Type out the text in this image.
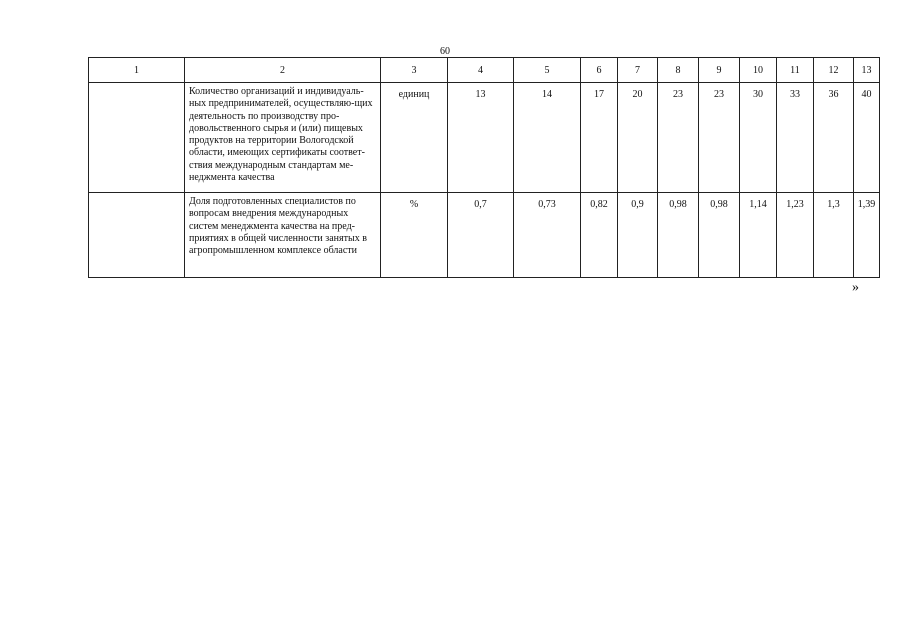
60
1	2	3	4	5	6	7	8	9	10	11	12	13
	Количество организаций и индивидуаль-ных предпринимателей, осуществляю-щих деятельность по производству про-довольственного сырья и (или) пищевых продуктов на территории Вологодской области, имеющих сертификаты соответ-ствия международным стандартам ме-неджмента качества	единиц	13	14	17	20	23	23	30	33	36	40
	Доля подготовленных специалистов по вопросам внедрения международных систем менеджмента качества на пред-приятиях в общей численности занятых в агропромышленном комплексе области	%	0,7	0,73	0,82	0,9	0,98	0,98	1,14	1,23	1,3	1,39
»
